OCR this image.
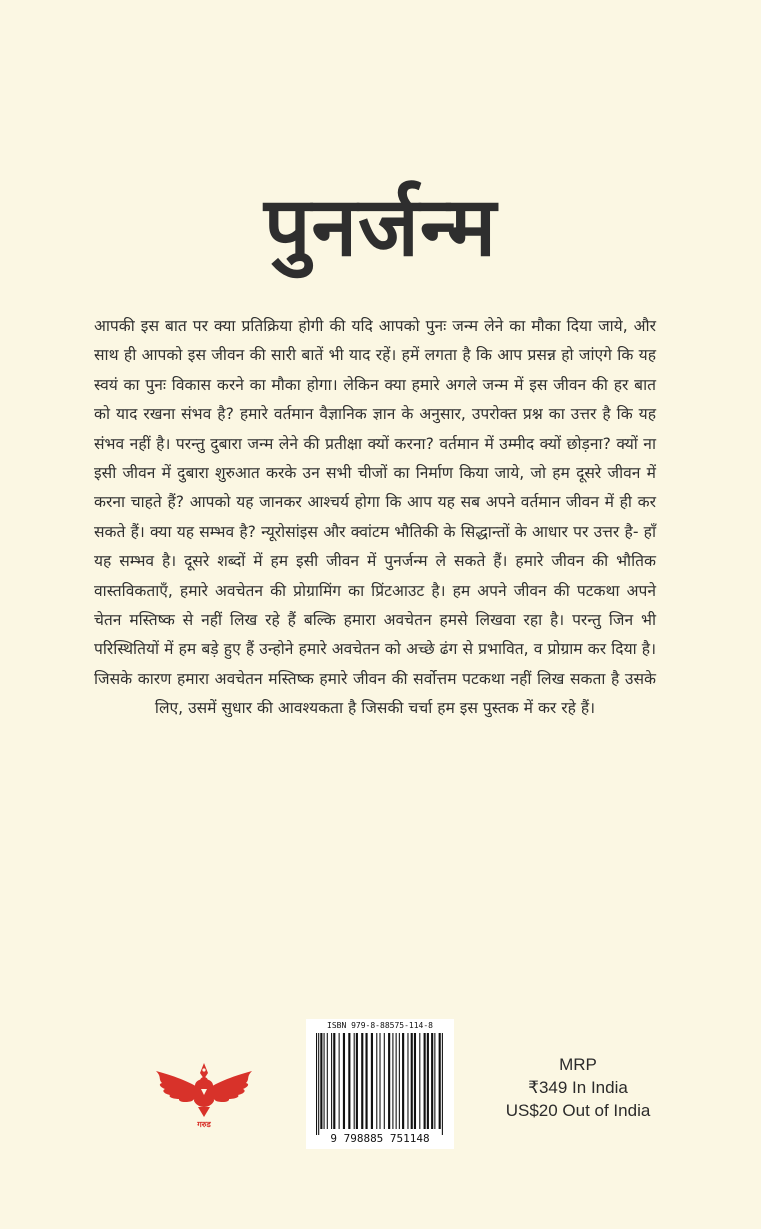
पुनर्जन्म
आपकी इस बात पर क्या प्रतिक्रिया होगी की यदि आपको पुनः जन्म लेने का मौका दिया जाये, और साथ ही आपको इस जीवन की सारी बातें भी याद रहें। हमें लगता है कि आप प्रसन्न हो जांएगे कि यह स्वयं का पुनः विकास करने का मौका होगा। लेकिन क्या हमारे अगले जन्म में इस जीवन की हर बात को याद रखना संभव है? हमारे वर्तमान वैज्ञानिक ज्ञान के अनुसार, उपरोक्त प्रश्न का उत्तर है कि यह संभव नहीं है। परन्तु दुबारा जन्म लेने की प्रतीक्षा क्यों करना? वर्तमान में उम्मीद क्यों छोड़ना? क्यों ना इसी जीवन में दुबारा शुरुआत करके उन सभी चीजों का निर्माण किया जाये, जो हम दूसरे जीवन में करना चाहते हैं? आपको यह जानकर आश्चर्य होगा कि आप यह सब अपने वर्तमान जीवन में ही कर सकते हैं। क्या यह सम्भव है? न्यूरोसांइस और क्वांटम भौतिकी के सिद्धान्तों के आधार पर उत्तर है- हाँ यह सम्भव है। दूसरे शब्दों में हम इसी जीवन में पुनर्जन्म ले सकते हैं। हमारे जीवन की भौतिक वास्तविकताएँ, हमारे अवचेतन की प्रोग्रामिंग का प्रिंटआउट है। हम अपने जीवन की पटकथा अपने चेतन मस्तिष्क से नहीं लिख रहे हैं बल्कि हमारा अवचेतन हमसे लिखवा रहा है। परन्तु जिन भी परिस्थितियों में हम बड़े हुए हैं उन्होने हमारे अवचेतन को अच्छे ढंग से प्रभावित, व प्रोग्राम कर दिया है। जिसके कारण हमारा अवचेतन मस्तिष्क हमारे जीवन की सर्वोत्तम पटकथा नहीं लिख सकता है उसके लिए, उसमें सुधार की आवश्यकता है जिसकी चर्चा हम इस पुस्तक में कर रहे हैं।
गरुड
ISBN 979-8-88575-114-8
9 798885 751148
MRP
₹349 In India
US$20 Out of India
